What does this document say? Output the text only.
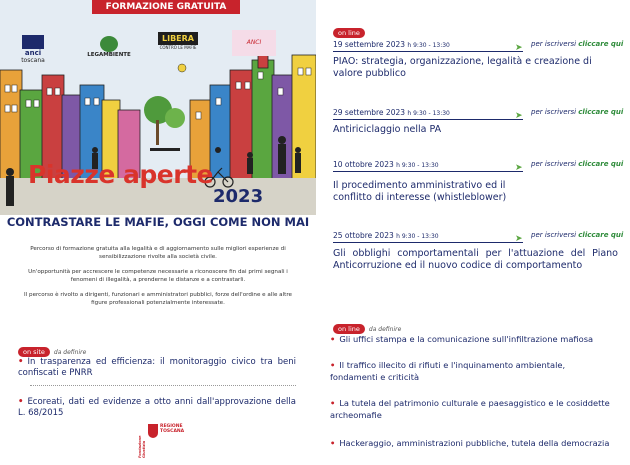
anci
toscana
LEGAMBIENTE
LIBERA
CONTRO LE MAFIE
ANCI
FORMAZIONE GRATUITA
Piazze aperte
2023
CONTRASTARE LE MAFIE, OGGI COME NON MAI
Percorso di formazione gratuita alla legalità e di aggiornamento sulle migliori esperienze di sensibilizzazione rivolte alla società civile.
Un'opportunità per accrescere le competenze necessarie a riconoscere fin dai primi segnali i fenomeni di illegalità, a prenderne le distanze e a contrastarli.
Il percorso è rivolto a dirigenti, funzionari e amministratori pubblici, forze dell'ordine e alle altre figure professionali potenzialmente interessate.
on site da definire
• In trasparenza ed efficienza: il monitoraggio civico tra beni confiscati e PNRR
• Ecoreati, dati ed evidenze a otto anni dall'approvazione della L. 68/2015
Fondazione Giustizia
REGIONE TOSCANA
on line
19 settembre 2023 h 9:30 - 13:30	➤ per iscriversi cliccare qui
PIAO: strategia, organizzazione, legalità e creazione di valore pubblico
29 settembre 2023 h 9:30 - 13:30	➤ per iscriversi cliccare qui
Antiriciclaggio nella PA
10 ottobre 2023 h 9:30 - 13:30	➤ per iscriversi cliccare qui
Il procedimento amministrativo ed il conflitto di interesse (whistleblower)
25 ottobre 2023 h 9:30 - 13:30	➤ per iscriversi cliccare qui
Gli obblighi comportamentali per l'attuazione del Piano Anticorruzione ed il nuovo codice di comportamento
on line da definire
• Gli uffici stampa e la comunicazione sull'infiltrazione mafiosa
• Il traffico illecito di rifiuti e l'inquinamento ambientale, fondamenti e criticità
• La tutela del patrimonio culturale e paesaggistico e le cosiddette archeomafie
• Hackeraggio, amministrazioni pubbliche, tutela della democrazia
